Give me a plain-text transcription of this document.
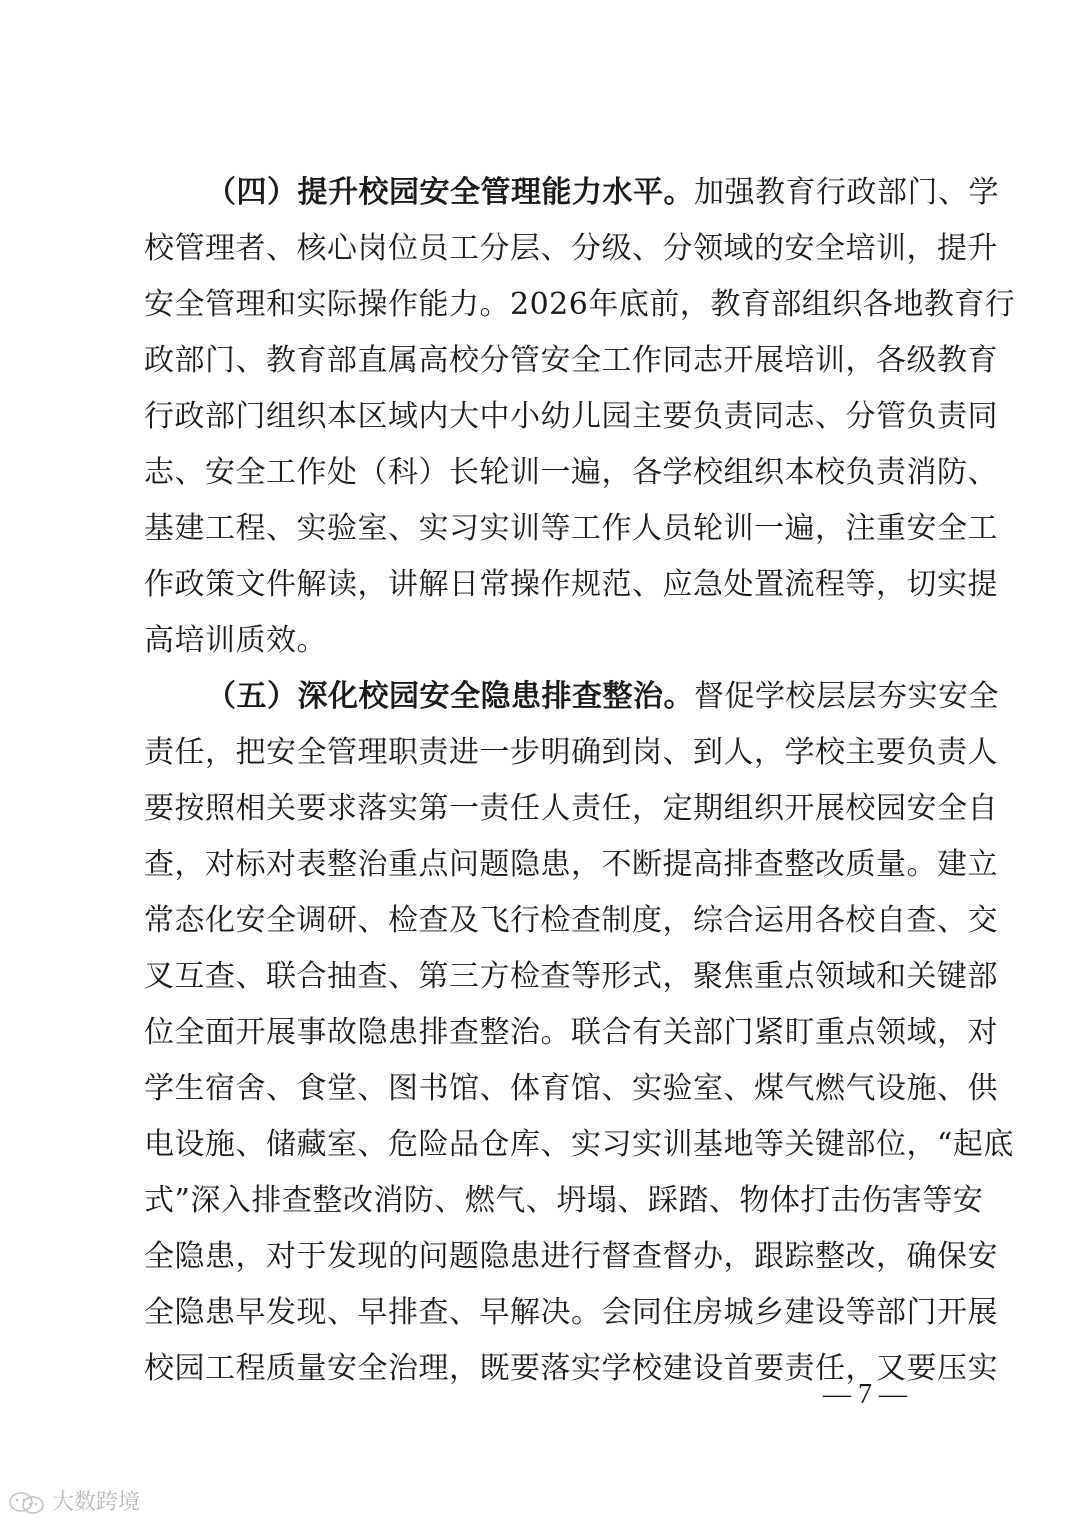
（四）提升校园安全管理能力水平。加强教育行政部门、学
校管理者、核心岗位员工分层、分级、分领域的安全培训，提升
安全管理和实际操作能力。2026年底前，教育部组织各地教育行
政部门、教育部直属高校分管安全工作同志开展培训，各级教育
行政部门组织本区域内大中小幼儿园主要负责同志、分管负责同
志、安全工作处（科）长轮训一遍，各学校组织本校负责消防、
基建工程、实验室、实习实训等工作人员轮训一遍，注重安全工
作政策文件解读，讲解日常操作规范、应急处置流程等，切实提
高培训质效。
（五）深化校园安全隐患排查整治。督促学校层层夯实安全
责任，把安全管理职责进一步明确到岗、到人，学校主要负责人
要按照相关要求落实第一责任人责任，定期组织开展校园安全自
查，对标对表整治重点问题隐患，不断提高排查整改质量。建立
常态化安全调研、检查及飞行检查制度，综合运用各校自查、交
叉互查、联合抽查、第三方检查等形式，聚焦重点领域和关键部
位全面开展事故隐患排查整治。联合有关部门紧盯重点领域，对
学生宿舍、食堂、图书馆、体育馆、实验室、煤气燃气设施、供
电设施、储藏室、危险品仓库、实习实训基地等关键部位，“起底
式”深入排查整改消防、燃气、坍塌、踩踏、物体打击伤害等安
全隐患，对于发现的问题隐患进行督查督办，跟踪整改，确保安
全隐患早发现、早排查、早解决。会同住房城乡建设等部门开展
校园工程质量安全治理，既要落实学校建设首要责任，又要压实
— 7 —
大数跨境
